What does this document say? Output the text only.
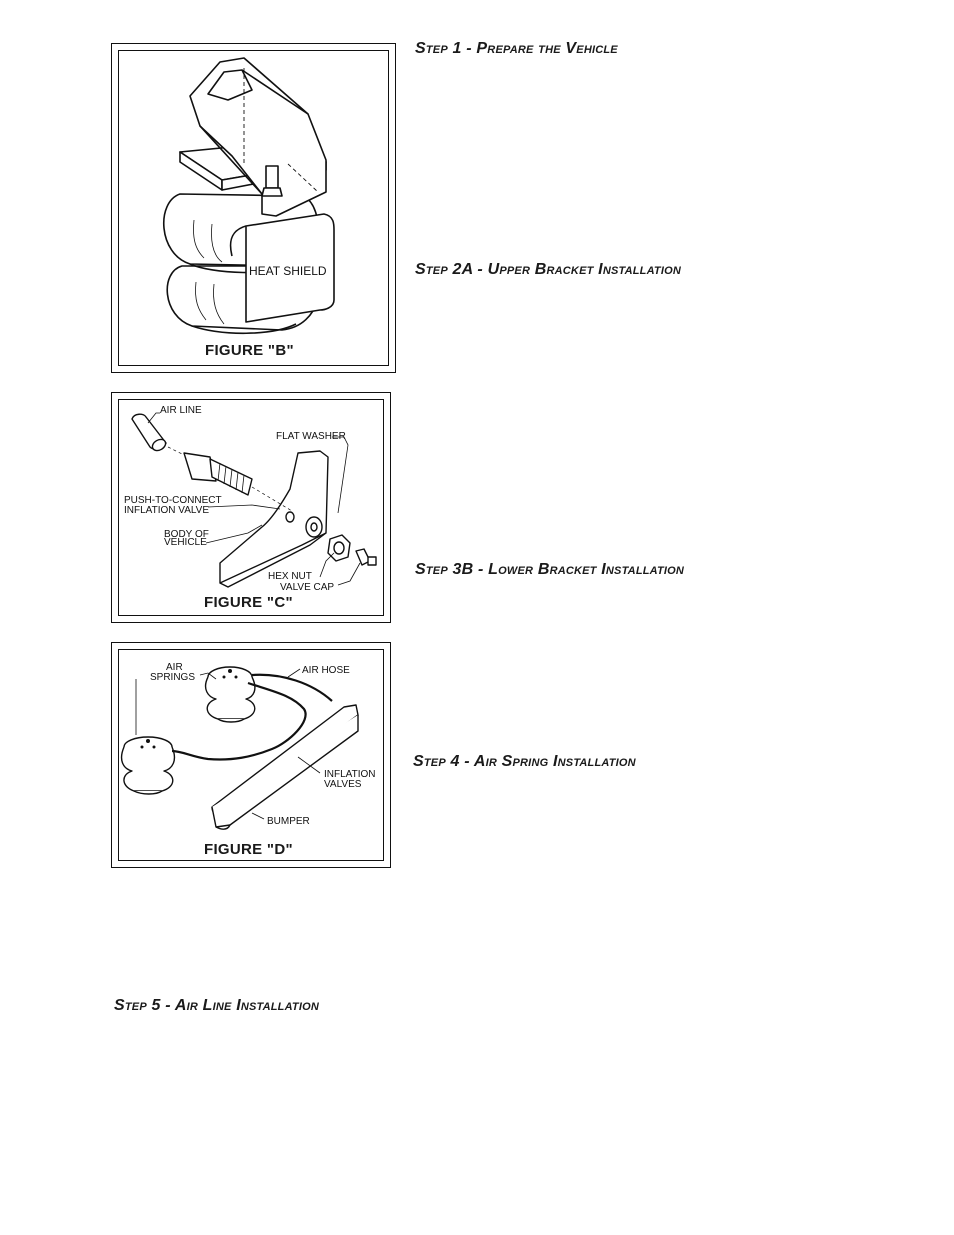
HEAT SHIELD
FIGURE "B"
AIR LINE
FLAT WASHER
PUSH-TO-CONNECT
INFLATION VALVE
BODY OF
VEHICLE
HEX NUT
VALVE CAP
FIGURE "C"
AIR
SPRINGS
AIR HOSE
INFLATION
VALVES
BUMPER
FIGURE "D"
Step 1 - Prepare the Vehicle
Step 2A - Upper Bracket Installation
Step 3B - Lower Bracket Installation
Step 4 - Air Spring Installation
Step 5 - Air Line Installation
